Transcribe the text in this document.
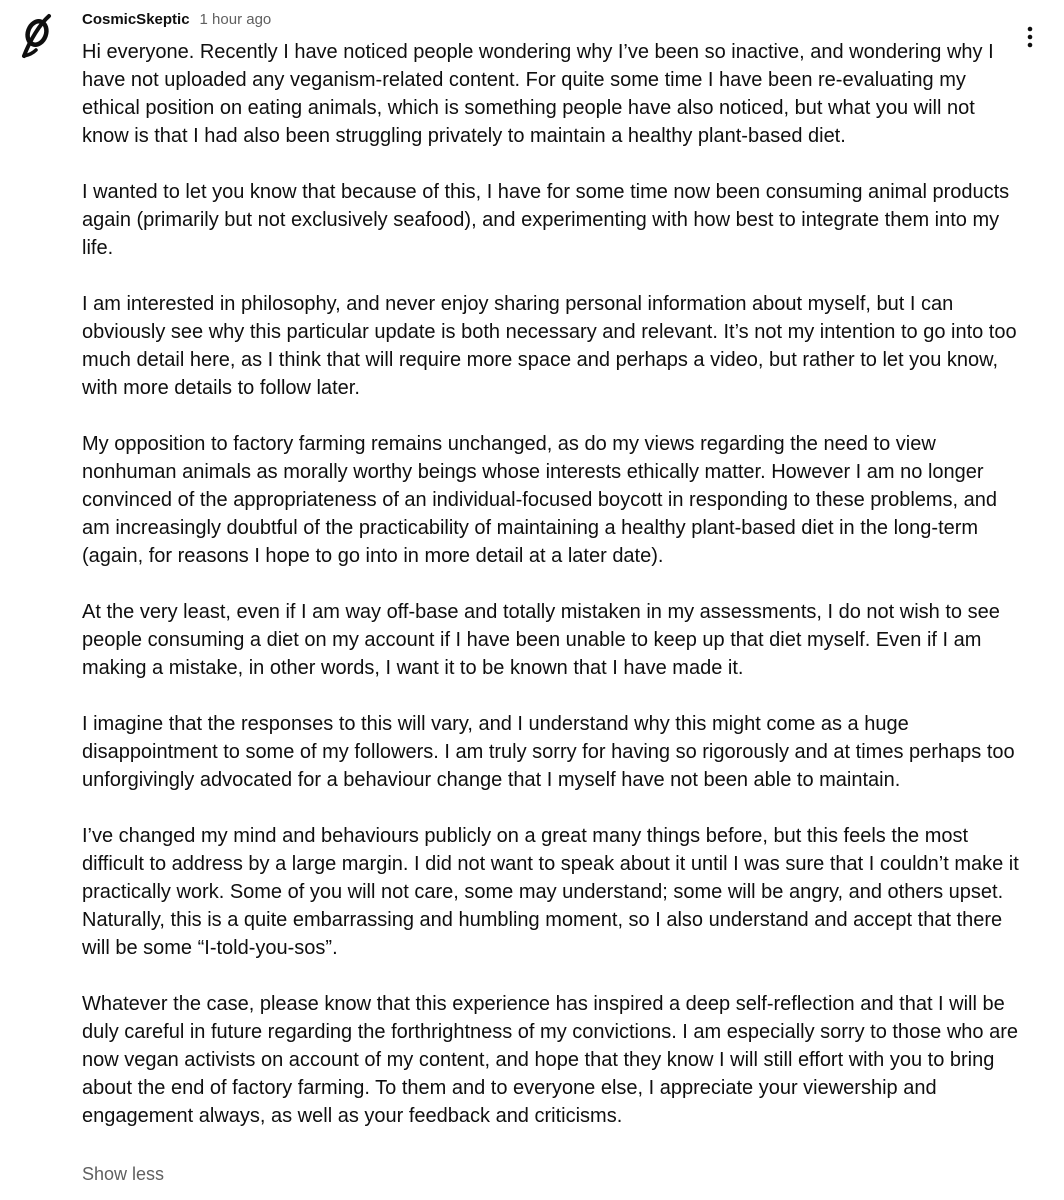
CosmicSkeptic 1 hour ago

Hi everyone. Recently I have noticed people wondering why I’ve been so inactive, and wondering why I have not uploaded any veganism-related content. For quite some time I have been re-evaluating my ethical position on eating animals, which is something people have also noticed, but what you will not know is that I had also been struggling privately to maintain a healthy plant-based diet.

I wanted to let you know that because of this, I have for some time now been consuming animal products again (primarily but not exclusively seafood), and experimenting with how best to integrate them into my life.

I am interested in philosophy, and never enjoy sharing personal information about myself, but I can obviously see why this particular update is both necessary and relevant. It’s not my intention to go into too much detail here, as I think that will require more space and perhaps a video, but rather to let you know, with more details to follow later.

My opposition to factory farming remains unchanged, as do my views regarding the need to view nonhuman animals as morally worthy beings whose interests ethically matter. However I am no longer convinced of the appropriateness of an individual-focused boycott in responding to these problems, and am increasingly doubtful of the practicability of maintaining a healthy plant-based diet in the long-term (again, for reasons I hope to go into in more detail at a later date).

At the very least, even if I am way off-base and totally mistaken in my assessments, I do not wish to see people consuming a diet on my account if I have been unable to keep up that diet myself. Even if I am making a mistake, in other words, I want it to be known that I have made it.

I imagine that the responses to this will vary, and I understand why this might come as a huge disappointment to some of my followers. I am truly sorry for having so rigorously and at times perhaps too unforgivingly advocated for a behaviour change that I myself have not been able to maintain.

I’ve changed my mind and behaviours publicly on a great many things before, but this feels the most difficult to address by a large margin. I did not want to speak about it until I was sure that I couldn’t make it practically work. Some of you will not care, some may understand; some will be angry, and others upset. Naturally, this is a quite embarrassing and humbling moment, so I also understand and accept that there will be some “I-told-you-sos”.

Whatever the case, please know that this experience has inspired a deep self-reflection and that I will be duly careful in future regarding the forthrightness of my convictions. I am especially sorry to those who are now vegan activists on account of my content, and hope that they know I will still effort with you to bring about the end of factory farming. To them and to everyone else, I appreciate your viewership and engagement always, as well as your feedback and criticisms.

Show less
